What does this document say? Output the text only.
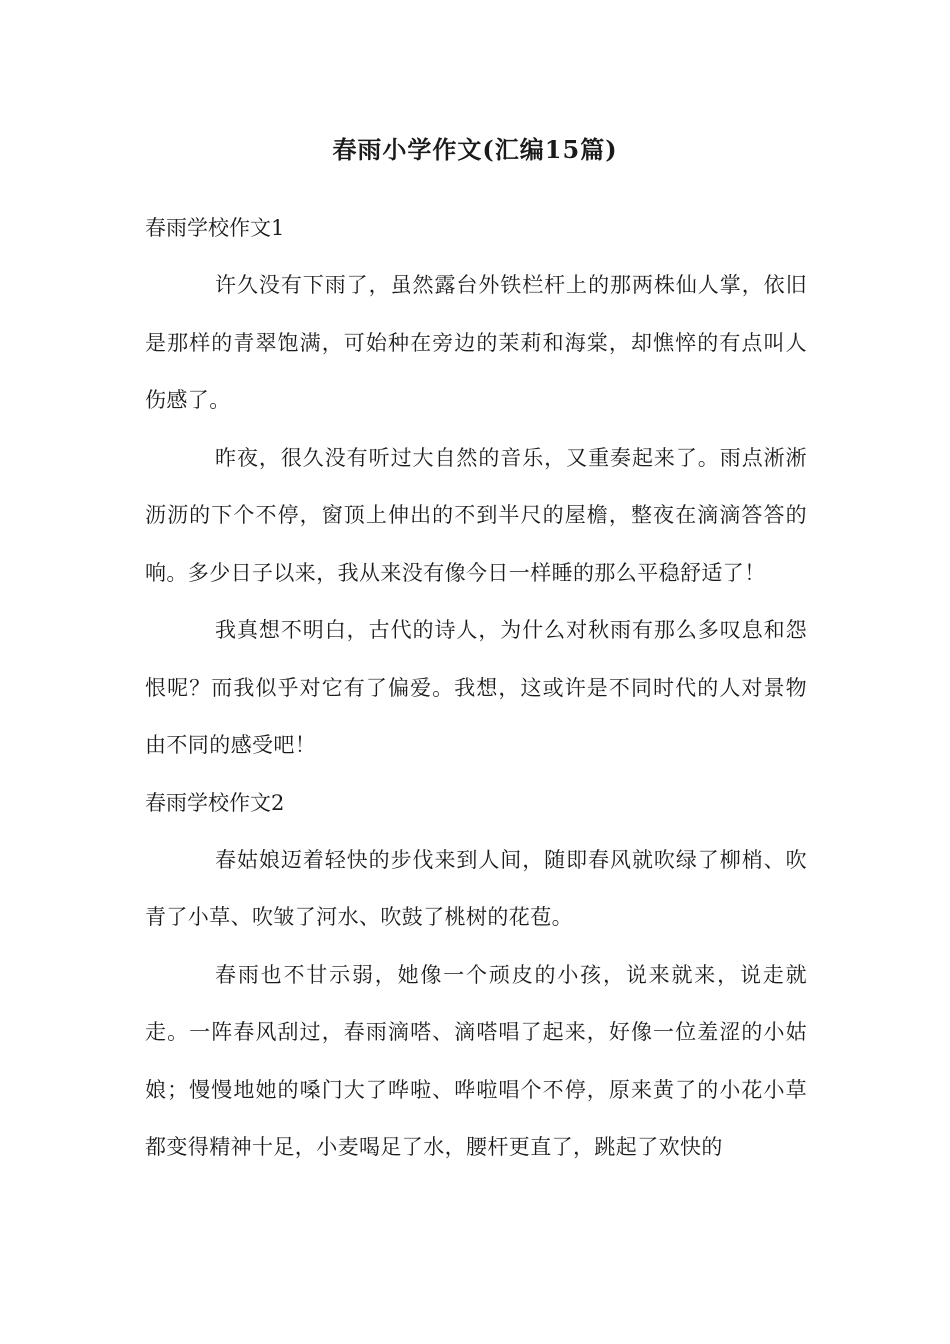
春雨小学作文(汇编15篇)
春雨学校作文1

许久没有下雨了，虽然露台外铁栏杆上的那两株仙人掌，依旧是那样的青翠饱满，可始种在旁边的茉莉和海棠，却憔悴的有点叫人伤感了。

昨夜，很久没有听过大自然的音乐，又重奏起来了。雨点淅淅沥沥的下个不停，窗顶上伸出的不到半尺的屋檐，整夜在滴滴答答的响。多少日子以来，我从来没有像今日一样睡的那么平稳舒适了！

我真想不明白，古代的诗人，为什么对秋雨有那么多叹息和怨恨呢？而我似乎对它有了偏爱。我想，这或许是不同时代的人对景物由不同的感受吧！

春雨学校作文2

春姑娘迈着轻快的步伐来到人间，随即春风就吹绿了柳梢、吹青了小草、吹皱了河水、吹鼓了桃树的花苞。

春雨也不甘示弱，她像一个顽皮的小孩，说来就来，说走就走。一阵春风刮过，春雨滴嗒、滴嗒唱了起来，好像一位羞涩的小姑娘；慢慢地她的嗓门大了哗啦、哗啦唱个不停，原来黄了的小花小草都变得精神十足，小麦喝足了水，腰杆更直了，跳起了欢快的
